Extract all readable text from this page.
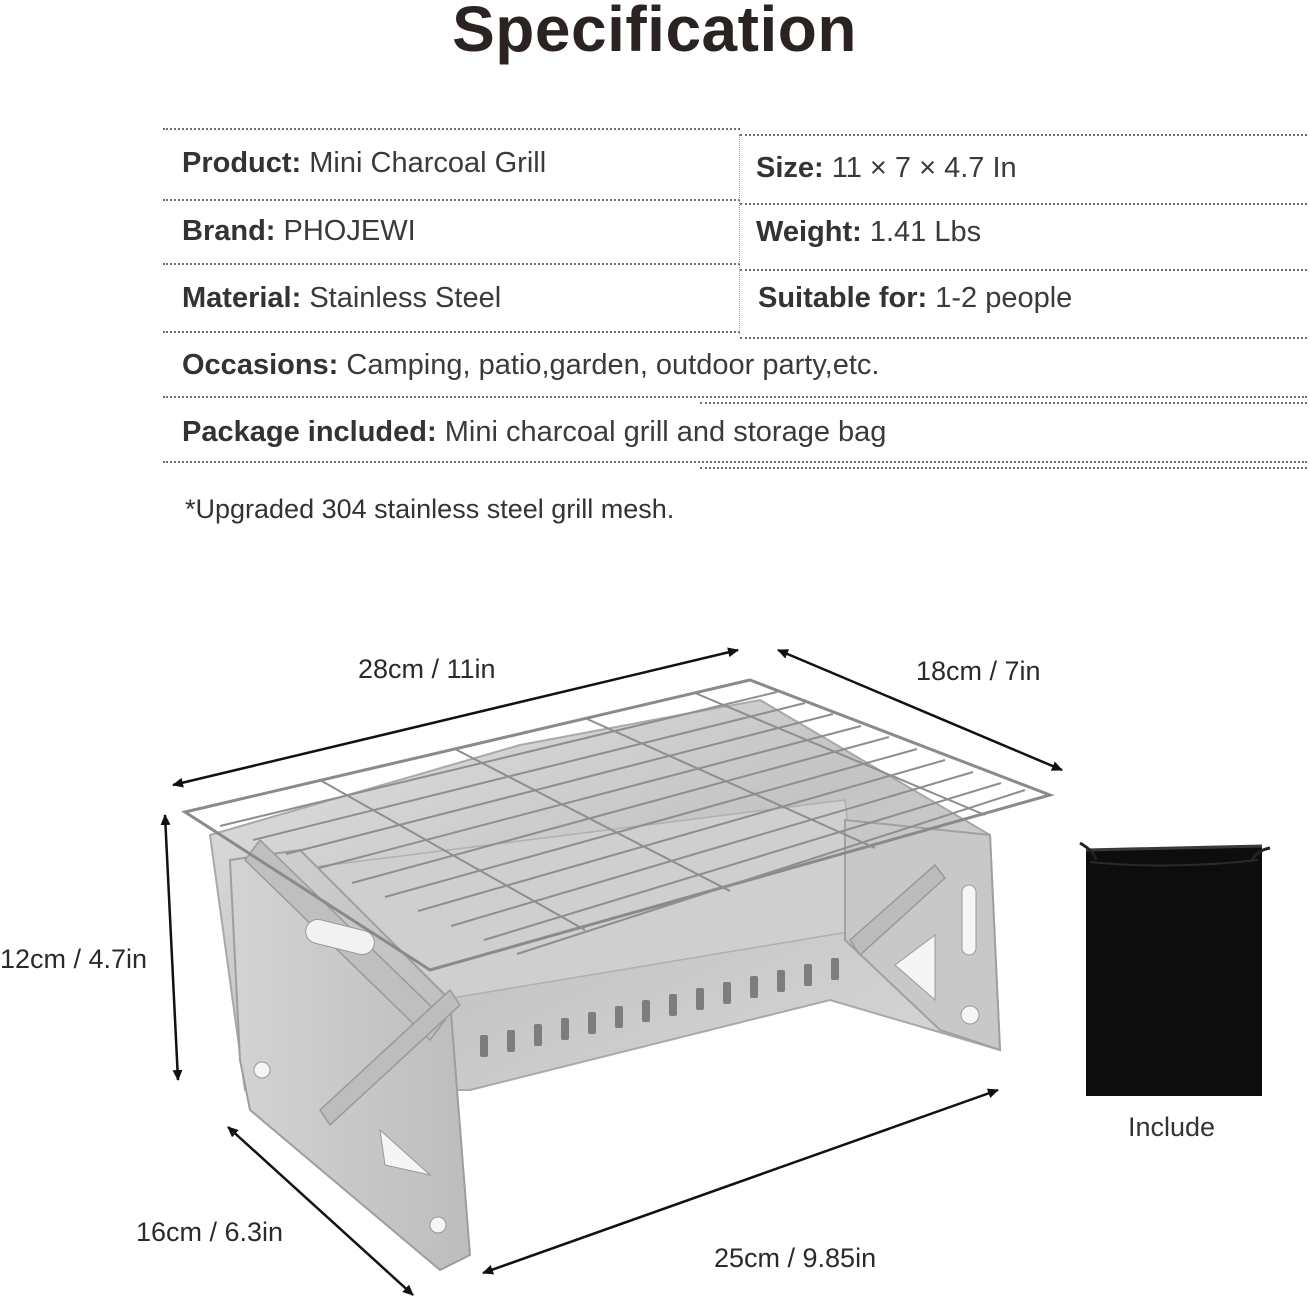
Specification
Product: Mini Charcoal Grill	Size: 11 × 7 × 4.7 In
Brand: PHOJEWI	Weight: 1.41 Lbs
Material: Stainless Steel	Suitable for: 1-2 people
Occasions: Camping, patio,garden, outdoor party,etc.
Package included: Mini charcoal grill and storage bag
*Upgraded 304 stainless steel grill mesh.
28cm / 11in	18cm / 7in
12cm / 4.7in
16cm / 6.3in
25cm / 9.85in
Include
